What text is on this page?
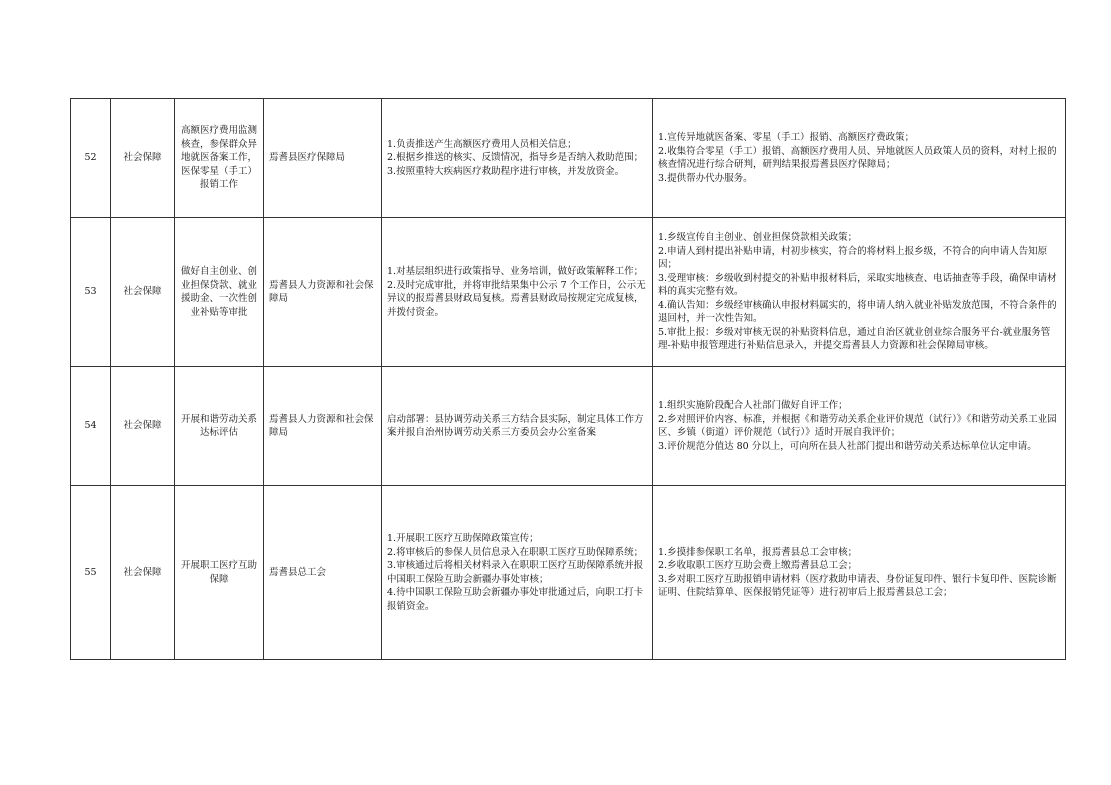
52	社会保障	高额医疗费用监测核查，参保群众异地就医备案工作，医保零星（手工）报销工作	焉耆县医疗保障局	1.负责推送产生高额医疗费用人员相关信息；
2.根据乡推送的核实、反馈情况，指导乡是否纳入救助范围；
3.按照重特大疾病医疗救助程序进行审核，并发放资金。	1.宣传异地就医备案、零星（手工）报销、高额医疗费政策；
2.收集符合零星（手工）报销、高额医疗费用人员、异地就医人员政策人员的资料，对村上报的核查情况进行综合研判，研判结果报焉耆县医疗保障局；
3.提供帮办代办服务。

53	社会保障	做好自主创业、创业担保贷款、就业援助金、一次性创业补贴等审批	焉耆县人力资源和社会保障局	1.对基层组织进行政策指导、业务培训，做好政策解释工作；
2.及时完成审批，并将审批结果集中公示 7 个工作日，公示无异议的报焉耆县财政局复核。焉耆县财政局按规定完成复核，并拨付资金。	1.乡级宣传自主创业、创业担保贷款相关政策；
2.申请人到村提出补贴申请，村初步核实，符合的将材料上报乡级，不符合的向申请人告知原因；
3.受理审核：乡级收到村提交的补贴申报材料后，采取实地核查、电话抽查等手段，确保申请材料的真实完整有效。
4.确认告知：乡级经审核确认申报材料属实的，将申请人纳入就业补贴发放范围，不符合条件的退回村，并一次性告知。
5.审批上报：乡级对审核无误的补贴资料信息，通过自治区就业创业综合服务平台-就业服务管理-补贴申报管理进行补贴信息录入，并提交焉耆县人力资源和社会保障局审核。

54	社会保障	开展和谐劳动关系达标评估	焉耆县人力资源和社会保障局	启动部署：县协调劳动关系三方结合县实际，制定具体工作方案并报自治州协调劳动关系三方委员会办公室备案	1.组织实施阶段配合人社部门做好自评工作；
2.乡对照评价内容、标准，并根据《和谐劳动关系企业评价规范（试行）》《和谐劳动关系工业园区、乡镇（街道）评价规范（试行）》适时开展自我评价；
3.评价规范分值达 80 分以上，可向所在县人社部门提出和谐劳动关系达标单位认定申请。

55	社会保障	开展职工医疗互助保障	焉耆县总工会	1.开展职工医疗互助保障政策宣传；
2.将审核后的参保人员信息录入在职职工医疗互助保障系统；
3.审核通过后将相关材料录入在职职工医疗互助保障系统并报中国职工保险互助会新疆办事处审核；
4.待中国职工保险互助会新疆办事处审批通过后，向职工打卡报销资金。	1.乡摸排参保职工名单，报焉耆县总工会审核；
2.乡收取职工医疗互助会费上缴焉耆县总工会；
3.乡对职工医疗互助报销申请材料（医疗救助申请表、身份证复印件、银行卡复印件、医院诊断证明、住院结算单、医保报销凭证等）进行初审后上报焉耆县总工会；
